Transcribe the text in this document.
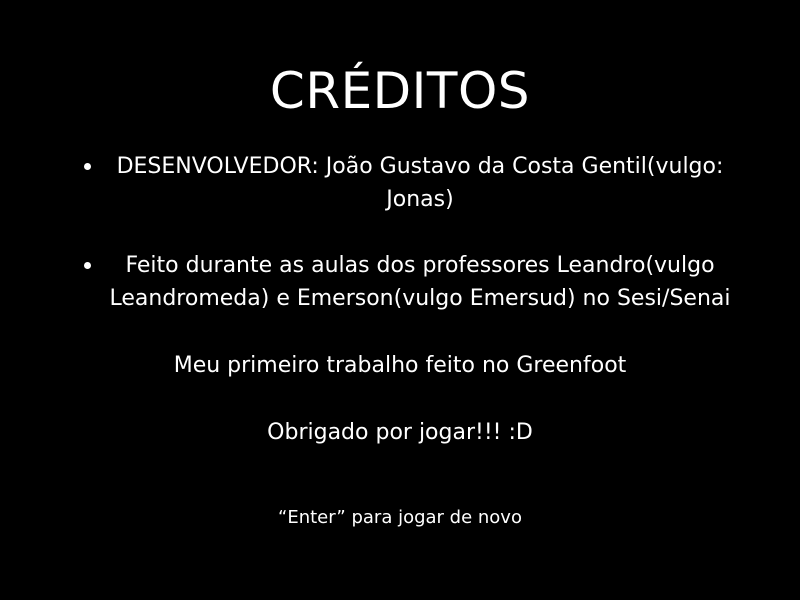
CRÉDITOS
DESENVOLVEDOR: João Gustavo da Costa Gentil(vulgo: Jonas)
Feito durante as aulas dos professores Leandro(vulgo Leandromeda) e Emerson(vulgo Emersud) no Sesi/Senai

Meu primeiro trabalho feito no Greenfoot

Obrigado por jogar!!! :D

“Enter” para jogar de novo
